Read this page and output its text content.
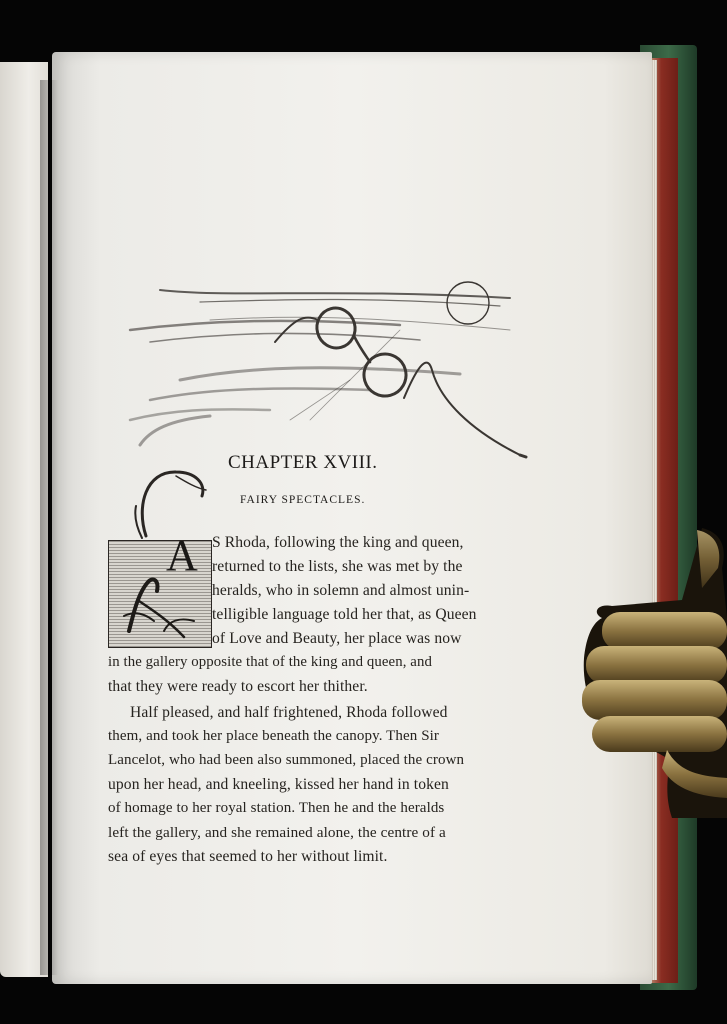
CHAPTER XVIII.
FAIRY SPECTACLES.
A S Rhoda, following the king and queen,
returned to the lists, she was met by the
heralds, who in solemn and almost unin-
telligible language told her that, as Queen
of Love and Beauty, her place was now
in the gallery opposite that of the king and queen, and
that they were ready to escort her thither.
Half pleased, and half frightened, Rhoda followed
them, and took her place beneath the canopy. Then Sir
Lancelot, who had been also summoned, placed the crown
upon her head, and kneeling, kissed her hand in token
of homage to her royal station. Then he and the heralds
left the gallery, and she remained alone, the centre of a
sea of eyes that seemed to her without limit.
